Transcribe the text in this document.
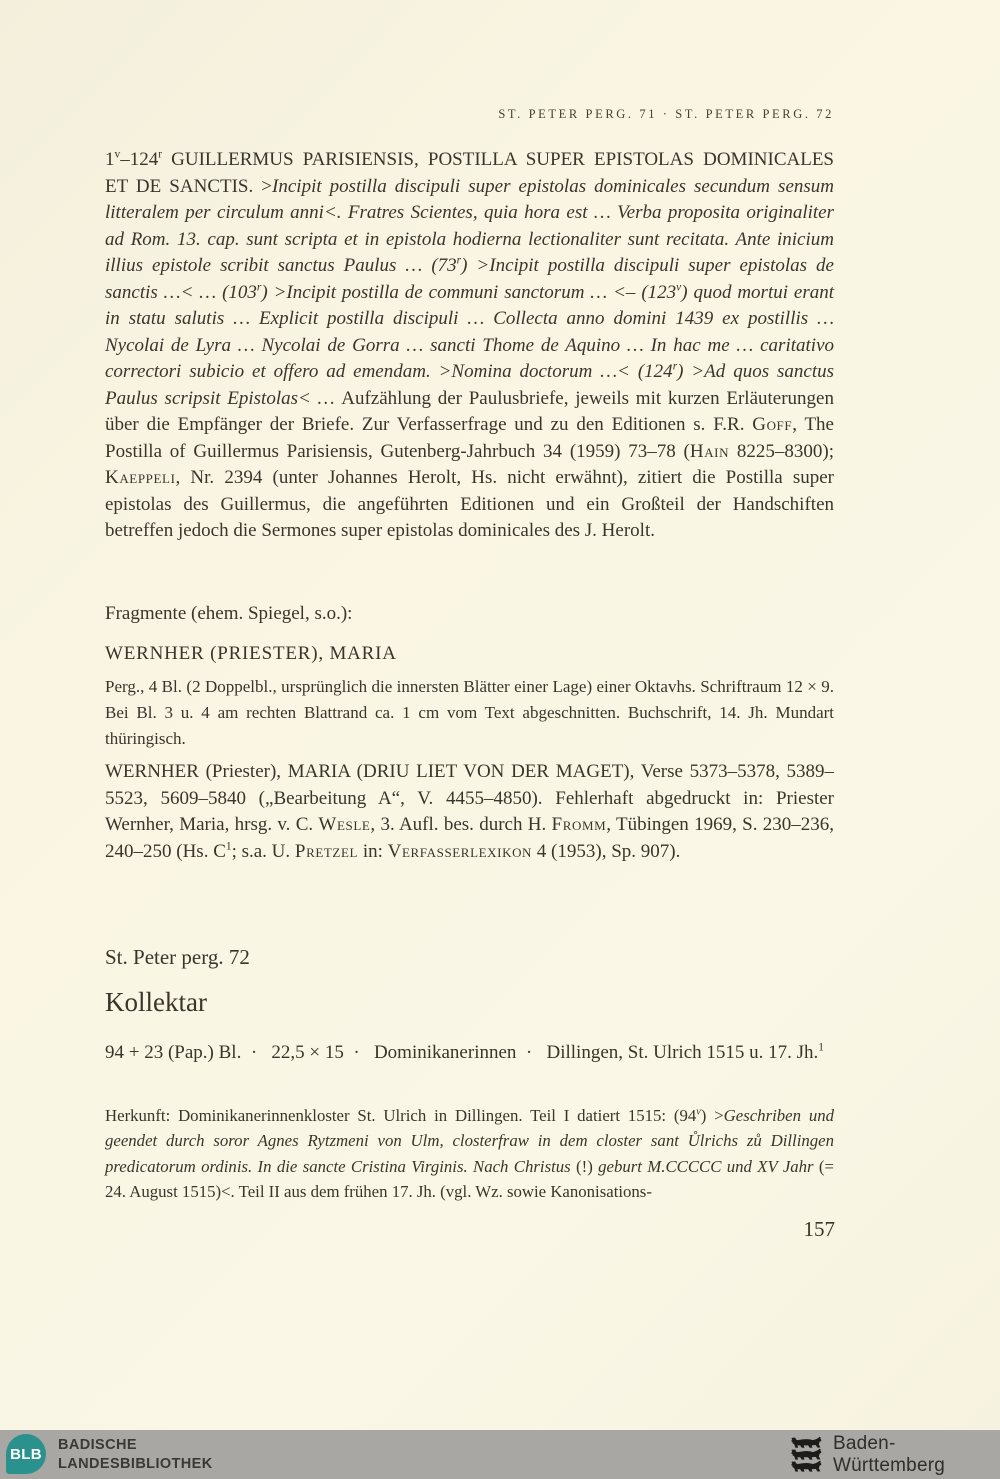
ST. PETER PERG. 71 · ST. PETER PERG. 72
1$^v$–124$^r$ GUILLERMUS PARISIENSIS, POSTILLA SUPER EPISTOLAS DOMINICALES ET DE SANCTIS. >Incipit postilla discipuli super epistolas dominicales secundum sensum litteralem per circulum anni<. Fratres Scientes, quia hora est … Verba proposita originaliter ad Rom. 13. cap. sunt scripta et in epistola hodierna lectionaliter sunt recitata. Ante inicium illius epistole scribit sanctus Paulus … $(73^r)$ >Incipit postilla discipuli super epistolas de sanctis …< … $(103^r)$ >Incipit postilla de communi sanctorum … <– (123$^v$) quod mortui erant in statu salutis … Explicit postilla discipuli … Collecta anno domini 1439 ex postillis … Nycolai de Lyra … Nycolai de Gorra … sancti Thome de Aquino … In hac me … caritativo correctori subicio et offero ad emendam. >Nomina doctorum …< $(124^r) >Ad$ quos sanctus Paulus scripsit Epistolas< … Aufzählung der Paulusbriefe, jeweils mit kurzen Erläuterungen über die Empfänger der Briefe. Zur Verfasserfrage und zu den Editionen s. F.R. Goff, The Postilla of Guillermus Parisiensis, Gutenberg-Jahrbuch 34 (1959) 73–78 (Hain 8225–8300); Kaeppeli, Nr. 2394 (unter Johannes Herolt, Hs. nicht erwähnt), zitiert die Postilla super epistolas des Guillermus, die angeführten Editionen und ein Großteil der Handschiften betreffen jedoch die Sermones super epistolas dominicales des J. Herolt.
Fragmente (ehem. Spiegel, s.o.):
WERNHER (PRIESTER), MARIA
Perg., 4 Bl. (2 Doppelbl., ursprünglich die innersten Blätter einer Lage) einer Oktavhs. Schriftraum 12 × 9. Bei Bl. 3 u. 4 am rechten Blattrand ca. 1 cm vom Text abgeschnitten. Buchschrift, 14. Jh. Mundart thüringisch.
WERNHER (Priester), MARIA (DRIU LIET VON DER MAGET), Verse 5373–5378, 5389–5523, 5609–5840 („Bearbeitung A“, V. 4455–4850). Fehlerhaft abgedruckt in: Priester Wernher, Maria, hrsg. v. C. Wesle, 3. Aufl. bes. durch H. Fromm, Tübingen 1969, S. 230–236, 240–250 (Hs. $C^1$; s.a. U. Pretzel in: Verfasserlexikon 4 (1953), Sp. 907).
St. Peter perg. 72
Kollektar
94 + 23 (Pap.) Bl. ·  22,5 × 15 ·  Dominikanerinnen ·  Dillingen, St. Ulrich 1515 u. 17. Jh.$^1$
Herkunft: Dominikanerinnenkloster St. Ulrich in Dillingen. Teil I datiert 1515: $(94^v)$ >Geschriben und geendet durch soror Agnes Rytzmeni von Ulm, closterfraw in dem closter sant Ůlrichs zů Dillingen predicatorum ordinis. In die sancte Cristina Virginis. Nach Christus (!) geburt M.CCCCC und XV Jahr (= 24. August 1515)<. Teil II aus dem frühen 17. Jh. (vgl. Wz. sowie Kanonisations-
157
BLB
BADISCHE
LANDESBIBLIOTHEK
Baden-Württemberg
